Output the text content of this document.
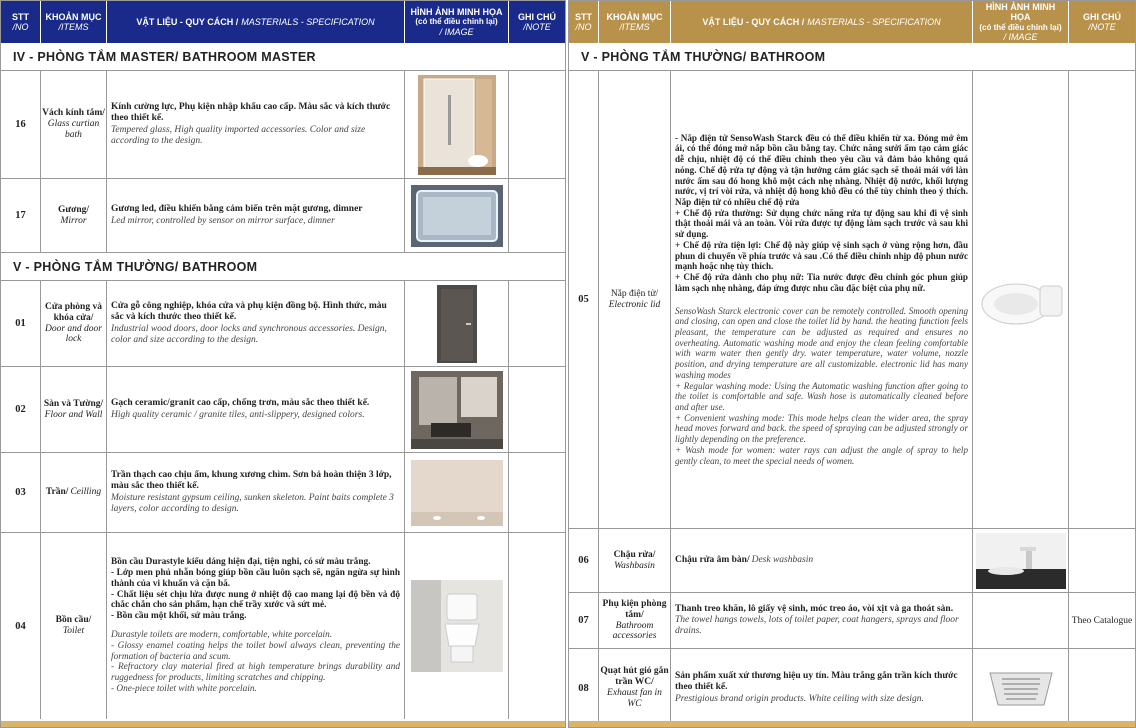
STT
/NO
KHOẢN MỤC
/ITEMS
VẬT LIỆU - QUY CÁCH / MASTERIALS - SPECIFICATION
HÌNH ẢNH MINH HỌA
(có thể điều chỉnh lại)
/ IMAGE
GHI CHÚ
/NOTE
IV - PHÒNG TẮM MASTER/ BATHROOM MASTER
16
Vách kính tắm/
Glass curtian bath
Kính cường lực, Phụ kiện nhập khẩu cao cấp. Màu sắc và kích thước theo thiết kế.
Tempered glass, High quality imported accessories. Color and size according to the design.
17
Gương/
Mirror
Gương led, điều khiển bằng cảm biến trên mặt gương, dimner
Led mirror, controlled by sensor on mirror surface, dimner
V - PHÒNG TẮM THƯỜNG/ BATHROOM
01
Cửa phòng và khóa cửa/
Door and door lock
Cửa gỗ công nghiệp, khóa cửa và phụ kiện đồng bộ. Hình thức, màu sắc và kích thước theo thiết kế.
Industrial wood doors, door locks and synchronous accessories. Design, color and size according to the design.
02
Sàn và Tường/
Floor and Wall
Gạch ceramic/granit cao cấp, chống trơn, màu sắc theo thiết kế.
High quality ceramic / granite tiles, anti-slippery, designed colors.
03	Trần/ Ceilling
Trần thạch cao chịu ẩm, khung xương chìm. Sơn bả hoàn thiện 3 lớp, màu sắc theo thiết kế.
Moisture resistant gypsum ceiling, sunken skeleton. Paint baits complete 3 layers, color according to design.
04
Bồn cầu/
Toilet
Bồn cầu Durastyle kiểu dáng hiện đại, tiện nghi, có sứ màu trắng.
- Lớp men phủ nhẵn bóng giúp bồn cầu luôn sạch sẽ, ngăn ngừa sự hình thành của vi khuẩn và cặn bã.
- Chất liệu sét chịu lửa được nung ở nhiệt độ cao mang lại độ bền và độ chắc chắn cho sản phẩm, hạn chế trầy xước và sứt mẻ.
- Bồn cầu một khối, sứ màu trắng.
Durastyle toilets are modern, comfortable, white porcelain.
- Glossy enamel coating helps the toilet bowl always clean, preventing the formation of bacteria and scum.
- Refractory clay material fired at high temperature brings durability and ruggedness for products, limiting scratches and chipping.
- One-piece toilet with white porcelain.
STT
/NO
KHOẢN MỤC
/ITEMS
VẬT LIỆU - QUY CÁCH / MASTERIALS - SPECIFICATION
HÌNH ẢNH MINH HỌA
(có thể điều chỉnh lại)
/ IMAGE
GHI CHÚ
/NOTE
V - PHÒNG TẮM THƯỜNG/ BATHROOM
05
Nắp điện tử/
Electronic lid
- Nắp điện tử SensoWash Starck đều có thể điều khiển từ xa. Đóng mở êm ái, có thể đóng mở nắp bồn cầu bằng tay. Chức năng sưởi ấm tạo cảm giác dễ chịu, nhiệt độ có thể điều chỉnh theo yêu cầu và đảm bảo không quá nóng. Chế độ rửa tự động và tận hưởng cảm giác sạch sẽ thoải mái với làn nước ấm sau đó hong khô một cách nhẹ nhàng. Nhiệt độ nước, khối lượng nước, vị trí vòi rửa, và nhiệt độ hong khô đều có thể tùy chỉnh theo ý thích. Nắp điện tử có nhiều chế độ rửa
+ Chế độ rửa thường: Sử dụng chức năng rửa tự động sau khi đi vệ sinh thật thoải mái và an toàn. Vòi rửa được tự động làm sạch trước và sau khi sử dụng.
+ Chế độ rửa tiện lợi: Chế độ này giúp vệ sinh sạch ở vùng rộng hơn, đầu phun di chuyển về phía trước và sau .Có thể điều chỉnh nhịp độ phun nước mạnh hoặc nhẹ tùy thích.
+ Chế độ rửa dành cho phụ nữ: Tia nước được đều chỉnh góc phun giúp làm sạch nhẹ nhàng, đáp ứng được nhu cầu đặc biệt của phụ nữ.
SensoWash Starck electronic cover can be remotely controlled. Smooth opening and closing, can open and close the toilet lid by hand. the heating function feels pleasant, the temperature can be adjusted as required and ensures no overheating. Automatic washing mode and enjoy the clean feeling comfortable with warm water then gently dry. water temperature, water volume, nozzle position, and drying temperature are all customizable. electronic lid has many washing modes
+ Regular washing mode: Using the Automatic washing function after going to the toilet is comfortable and safe. Wash hose is automatically cleaned before and after use.
+ Convenient washing mode: This mode helps clean the wider area, the spray head moves forward and back. the speed of spraying can be adjusted strongly or lightly depending on the preference.
+ Wash mode for women: water rays can adjust the angle of spray to help gently clean, to meet the special needs of women.
06
Chậu rửa/
Washbasin
Chậu rửa âm bàn/ Desk washbasin
07
Phụ kiện phòng tắm/
Bathroom accessories
Thanh treo khăn, lô giấy vệ sinh, móc treo áo, vòi xịt và ga thoát sàn.
The towel hangs towels, lots of toilet paper, coat hangers, sprays and floor drains.
Theo Catalogue
08
Quạt hút gió gắn trần WC/
Exhaust fan in WC
Sản phẩm xuất xứ thương hiệu uy tín. Màu trắng gắn trần kích thước theo thiết kế.
Prestigious brand origin products. White ceiling with size design.
